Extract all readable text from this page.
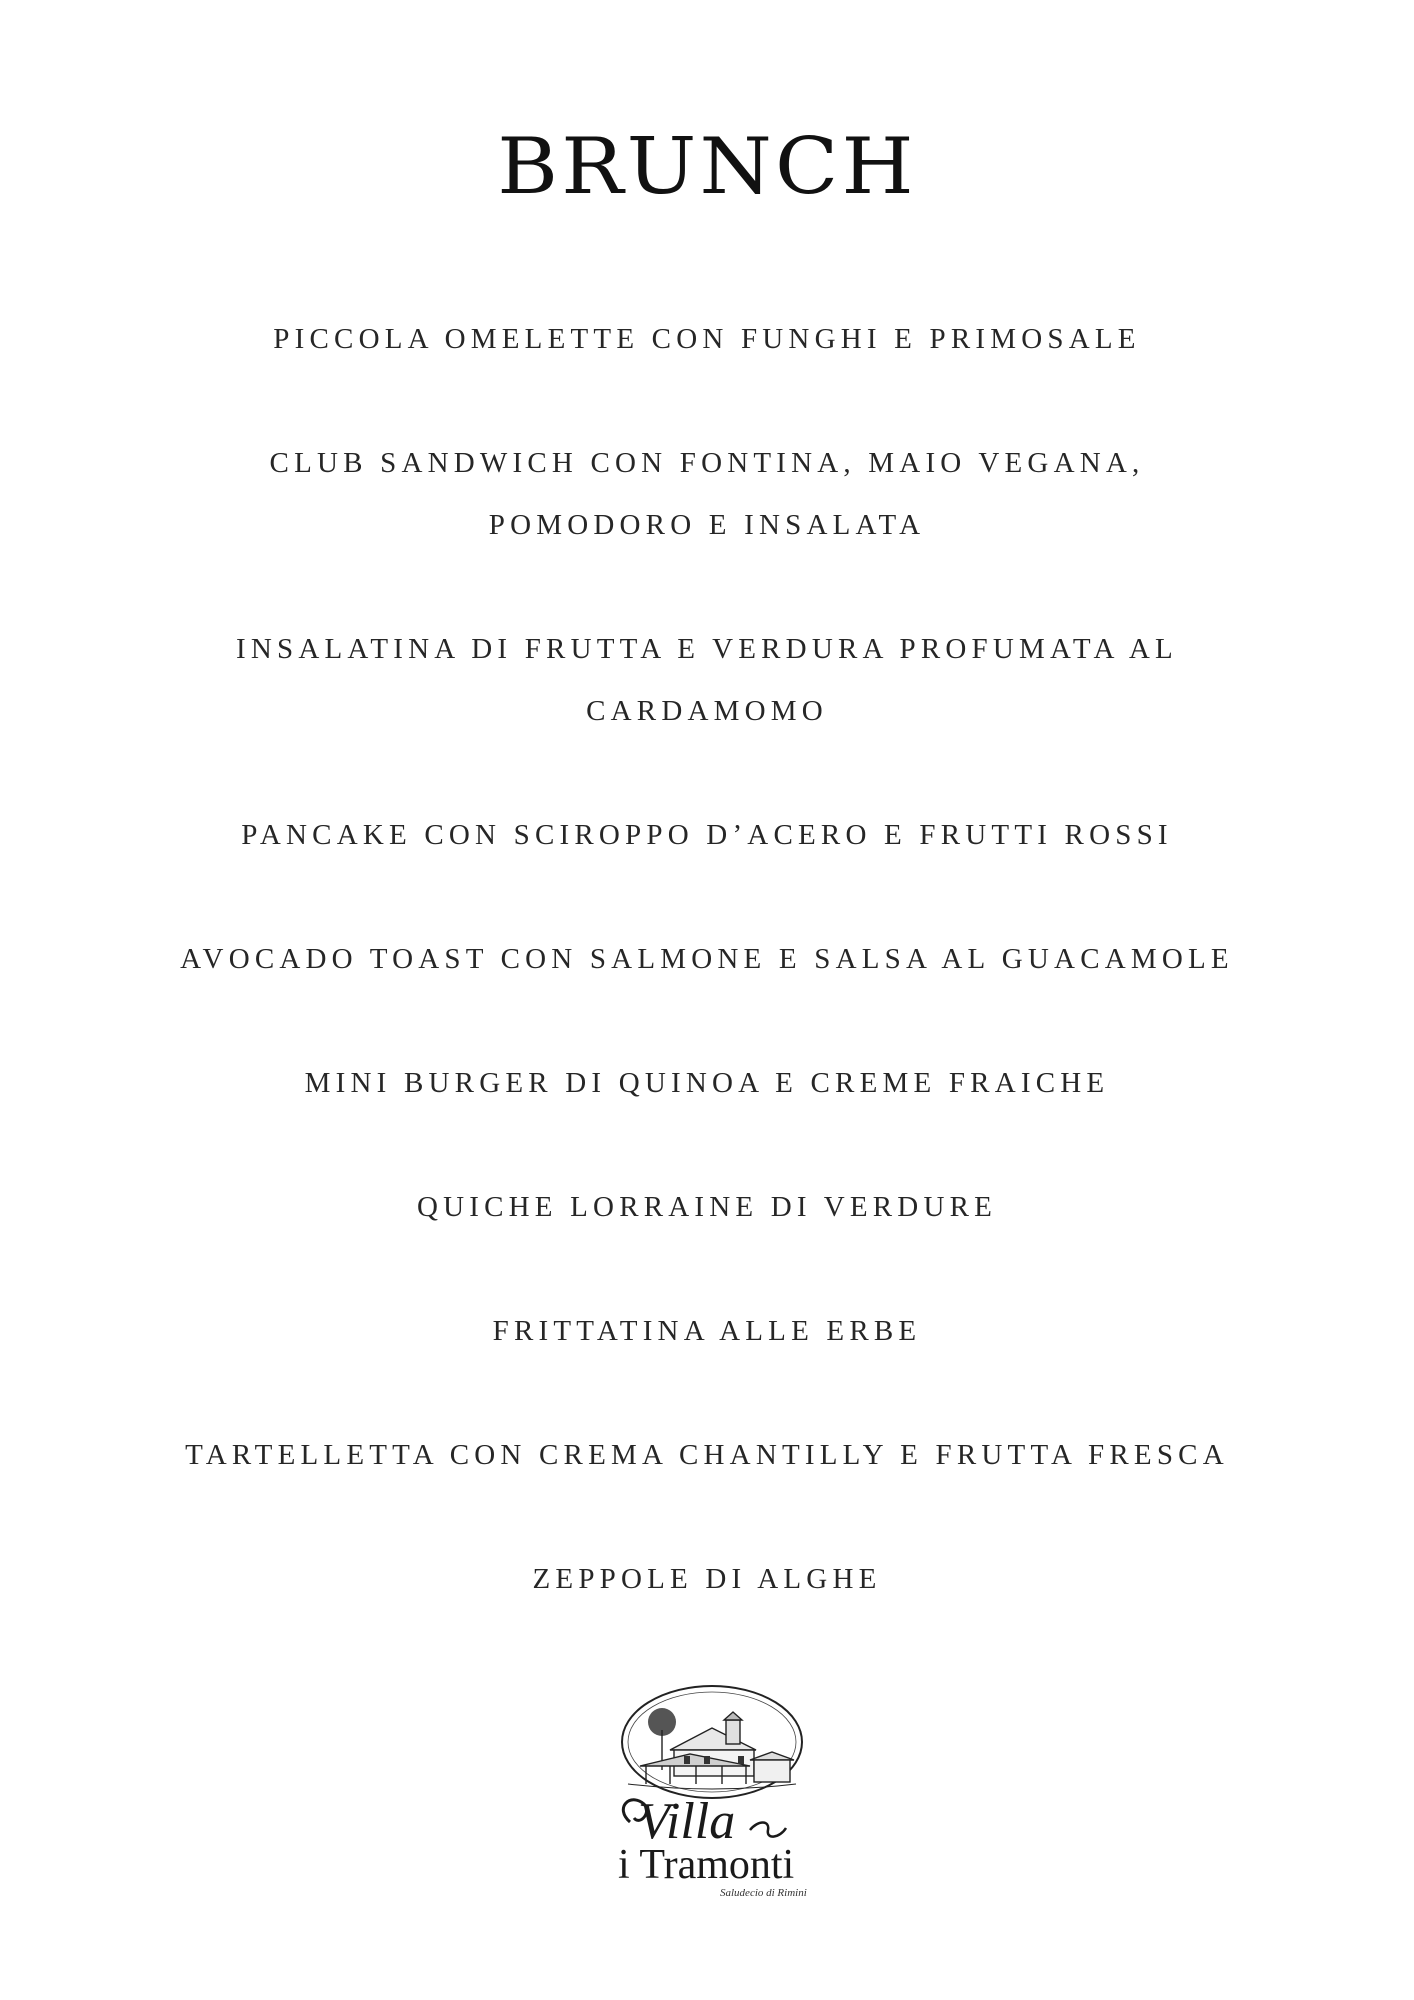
BRUNCH
PICCOLA OMELETTE CON FUNGHI E PRIMOSALE
CLUB SANDWICH CON FONTINA, MAIO VEGANA,
POMODORO E INSALATA
INSALATINA DI FRUTTA E VERDURA PROFUMATA AL
CARDAMOMO
PANCAKE CON SCIROPPO D’ACERO E FRUTTI ROSSI
AVOCADO TOAST CON SALMONE E SALSA AL GUACAMOLE
MINI BURGER DI QUINOA E CREME FRAICHE
QUICHE LORRAINE DI VERDURE
FRITTATINA ALLE ERBE
TARTELLETTA CON CREMA CHANTILLY E FRUTTA FRESCA
ZEPPOLE DI ALGHE
Villa
i Tramonti
Saludecio di Rimini
